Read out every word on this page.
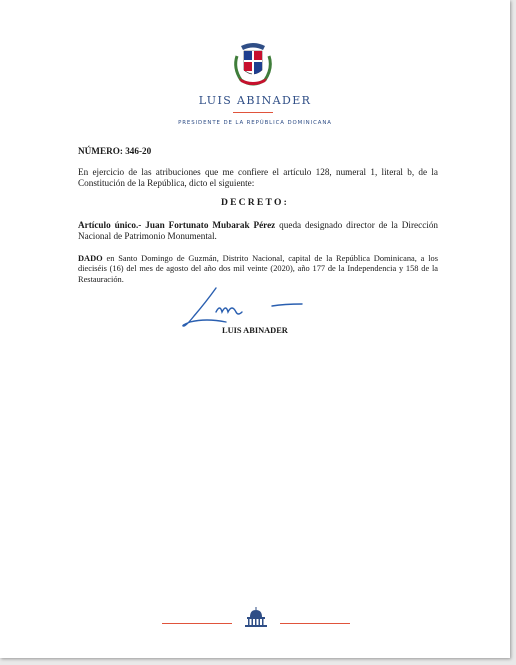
LUIS ABINADER
PRESIDENTE DE LA REPÚBLICA DOMINICANA
NÚMERO: 346-20
En ejercicio de las atribuciones que me confiere el artículo 128, numeral 1, literal b, de la Constitución de la República, dicto el siguiente:
DECRETO:
Artículo único.- Juan Fortunato Mubarak Pérez queda designado director de la Dirección Nacional de Patrimonio Monumental.
DADO en Santo Domingo de Guzmán, Distrito Nacional, capital de la República Dominicana, a los dieciséis (16) del mes de agosto del año dos mil veinte (2020), año 177 de la Independencia y 158 de la Restauración.
LUIS ABINADER
